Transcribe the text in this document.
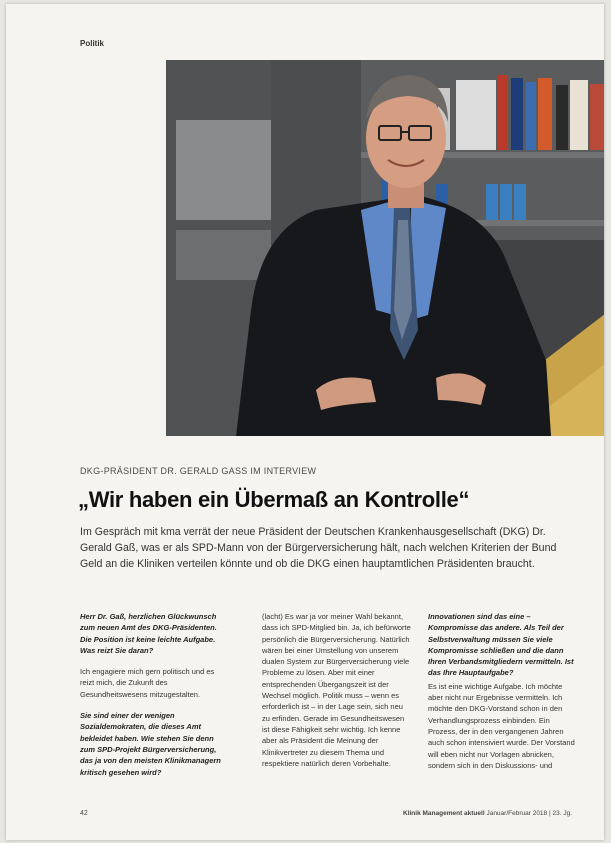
Politik
DKG-PRÄSIDENT DR. GERALD GASS IM INTERVIEW
„Wir haben ein Übermaß an Kontrolle“
Im Gespräch mit kma verrät der neue Präsident der Deutschen Krankenhausgesellschaft (DKG) Dr. Gerald Gaß, was er als SPD-Mann von der Bürgerversicherung hält, nach welchen Kriterien der Bund Geld an die Kliniken verteilen könnte und ob die DKG einen hauptamtlichen Präsidenten braucht.

Herr Dr. Gaß, herzlichen Glückwunsch zum neuen Amt des DKG-Präsidenten. Die Position ist keine leichte Aufgabe. Was reizt Sie daran?

Ich engagiere mich gern politisch und es reizt mich, die Zukunft des Gesundheitswesens mitzugestalten.

Sie sind einer der wenigen Sozialdemokraten, die dieses Amt bekleidet haben. Wie stehen Sie denn zum SPD-Projekt Bürgerversicherung, das ja von den meisten Klinikmanagern kritisch gesehen wird?

(lacht) Es war ja vor meiner Wahl bekannt, dass ich SPD-Mitglied bin. Ja, ich befürworte persönlich die Bürgerversicherung. Natürlich wären bei einer Umstellung von unserem dualen System zur Bürgerversicherung viele Probleme zu lösen. Aber mit einer entsprechenden Übergangszeit ist der Wechsel möglich. Politik muss – wenn es erforderlich ist – in der Lage sein, sich neu zu erfinden. Gerade im Gesundheitswesen ist diese Fähigkeit sehr wichtig. Ich kenne aber als Präsident die Meinung der Klinikvertreter zu diesem Thema und respektiere natürlich deren Vorbehalte.

Innovationen sind das eine – Kompromisse das andere. Als Teil der Selbstverwaltung müssen Sie viele Kompromisse schließen und die dann Ihren Verbandsmitgliedern vermitteln. Ist das Ihre Hauptaufgabe?

Es ist eine wichtige Aufgabe. Ich möchte aber nicht nur Ergebnisse vermitteln. Ich möchte den DKG-Vorstand schon in den Verhandlungsprozess einbinden. Ein Prozess, der in den vergangenen Jahren auch schon intensiviert wurde. Der Vorstand will eben nicht nur Vorlagen abnicken, sondern sich in den Diskussions- und

42	Klinik Management aktuell Januar/Februar 2018 | 23. Jg.
